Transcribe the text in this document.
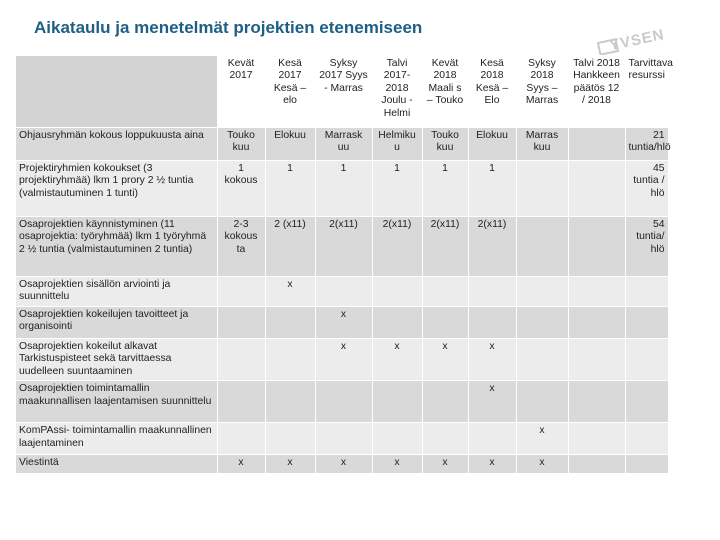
Aikataulu ja menetelmät projektien etenemiseen	YVSEN
	Kevät 2017	Kesä 2017 Kesä – elo	Syksy 2017 Syys - Marras	Talvi 2017- 2018 Joulu - Helmi	Kevät 2018 Maali s – Touko	Kesä 2018 Kesä – Elo	Syksy 2018 Syys – Marras	Talvi 2018 Hankkeen päätös 12 / 2018	Tarvittava resurssi
Ohjausryhmän kokous loppukuusta aina	Touko kuu	Elokuu	Marrask uu	Helmiku u	Touko kuu	Elokuu	Marras kuu		21 tuntia/hlö
Projektiryhmien kokoukset (3 projektiryhmää) lkm 1 prory 2 ½ tuntia (valmistautuminen 1 tunti)	1 kokous	1	1	1	1	1			45 tuntia / hlö
Osaprojektien käynnistyminen (11 osaprojektia: työryhmää) lkm 1 työryhmä 2 ½ tuntia (valmistautuminen 2 tuntia)	2-3 kokous ta	2 (x11)	2(x11)	2(x11)	2(x11)	2(x11)			54 tuntia/ hlö
Osaprojektien sisällön arviointi ja suunnittelu		x							
Osaprojektien kokeilujen tavoitteet ja organisointi			x						
Osaprojektien kokeilut alkavat Tarkistuspisteet sekä tarvittaessa uudelleen suuntaaminen			x	x	x	x			
Osaprojektien toimintamallin maakunnallisen laajentamisen suunnittelu						x			
KomPAssi- toimintamallin maakunnallinen laajentaminen							x		
Viestintä	x	x	x	x	x	x	x		
